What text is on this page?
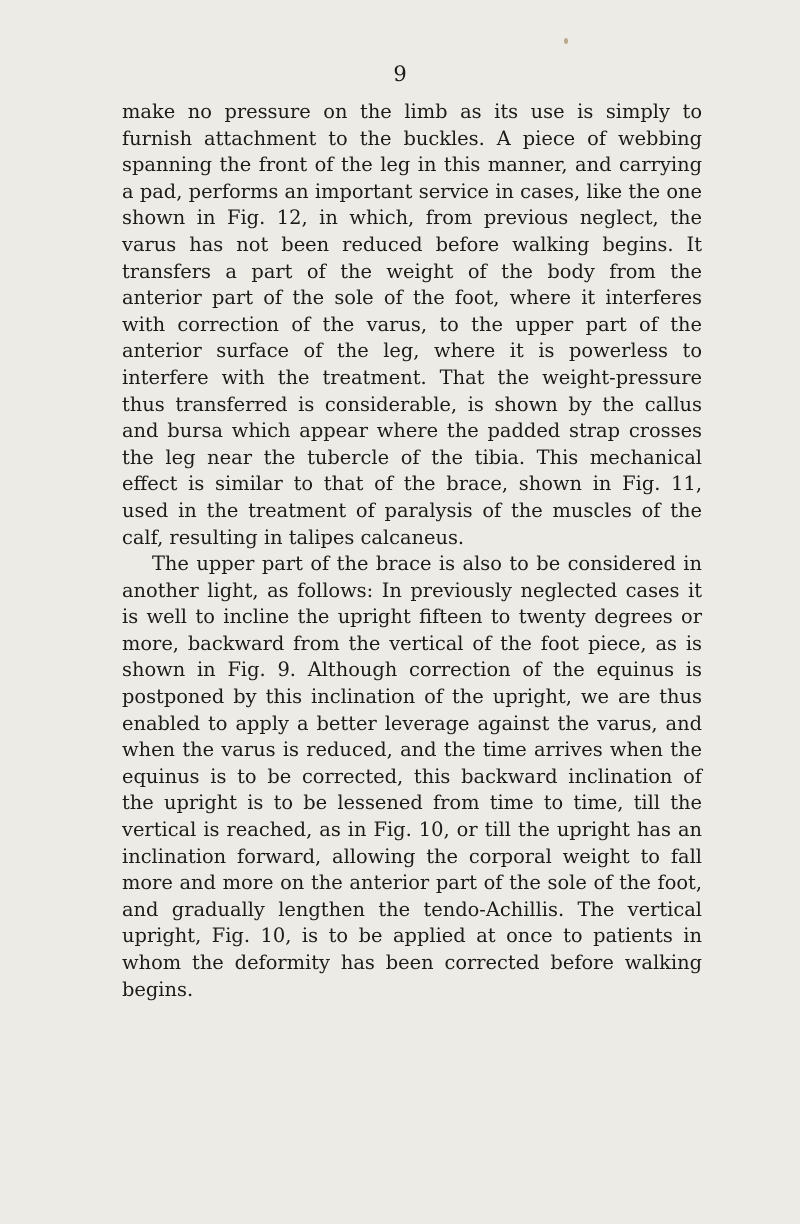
9

make no pressure on the limb as its use is simply to furnish attachment to the buckles. A piece of webbing spanning the front of the leg in this manner, and carrying a pad, performs an important service in cases, like the one shown in Fig. 12, in which, from previous neglect, the varus has not been reduced before walking begins. It transfers a part of the weight of the body from the anterior part of the sole of the foot, where it interferes with correction of the varus, to the upper part of the anterior surface of the leg, where it is powerless to interfere with the treatment. That the weight-pressure thus transferred is considerable, is shown by the callus and bursa which appear where the padded strap crosses the leg near the tubercle of the tibia. This mechanical effect is similar to that of the brace, shown in Fig. 11, used in the treatment of paralysis of the muscles of the calf, resulting in talipes calcaneus.

The upper part of the brace is also to be considered in another light, as follows: In previously neglected cases it is well to incline the upright fifteen to twenty degrees or more, backward from the vertical of the foot piece, as is shown in Fig. 9. Although correction of the equinus is postponed by this inclination of the upright, we are thus enabled to apply a better leverage against the varus, and when the varus is reduced, and the time arrives when the equinus is to be corrected, this backward inclination of the upright is to be lessened from time to time, till the vertical is reached, as in Fig. 10, or till the upright has an inclination forward, allowing the corporal weight to fall more and more on the anterior part of the sole of the foot, and gradually lengthen the tendo-Achillis. The vertical upright, Fig. 10, is to be applied at once to patients in whom the deformity has been corrected before walking begins.
